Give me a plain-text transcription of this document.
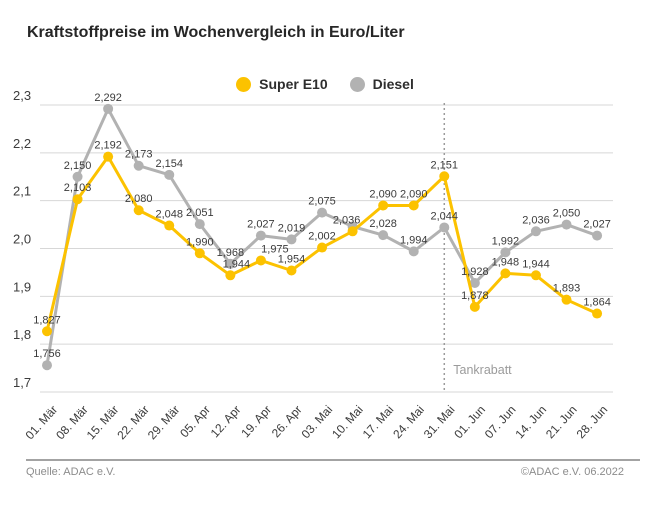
Kraftstoffpreise im Wochenvergleich in Euro/Liter
Super E10	Diesel
2,3
2,2
2,1
2,0
1,9
1,8
1,7
01. Mär
08. Mär
15. Mär
22. Mär
29. Mär
05. Apr
12. Apr
19. Apr
26. Apr
03. Mai
10. Mai
17. Mai
24. Mai
31. Mai
01. Jun
07. Jun
14. Jun
21. Jun
28. Jun
1,827
2,103
2,192
2,080
2,048
1,990
1,944
1,975
1,954
2,002
2,036
2,090 2,090
2,151
1,878
1,948 1,944
1,893
1,864
1,756
2,150
2,292
2,173
2,154
2,051
1,968
2,027 2,019
2,075
2,028
1,994
2,044
1,928
1,992
2,036
2,050
2,027
Tankrabatt
Quelle: ADAC e.V.	©ADAC e.V. 06.2022
